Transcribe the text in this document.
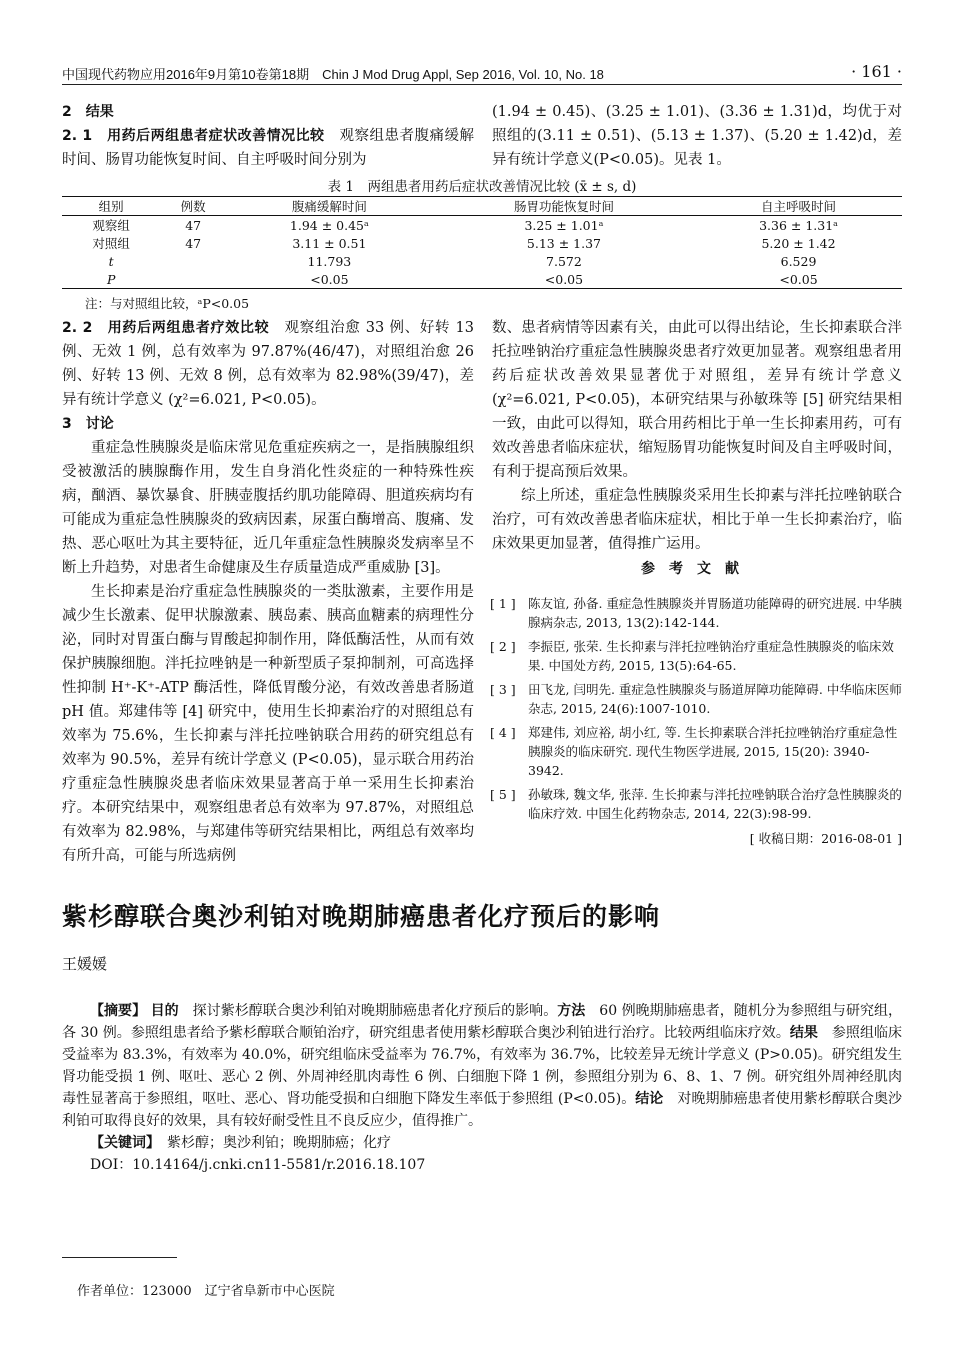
中国现代药物应用2016年9月第10卷第18期　Chin J Mod Drug Appl, Sep 2016, Vol. 10, No. 18	· 161 ·

2　结果

2. 1　用药后两组患者症状改善情况比较　观察组患者腹痛缓解时间、肠胃功能恢复时间、自主呼吸时间分别为

(1.94 ± 0.45)、(3.25 ± 1.01)、(3.36 ± 1.31)d，均优于对照组的(3.11 ± 0.51)、(5.13 ± 1.37)、(5.20 ± 1.42)d，差异有统计学意义(P<0.05)。见表 1。

表 1　两组患者用药后症状改善情况比较 (x̄ ± s, d)
组别	例数	腹痛缓解时间	肠胃功能恢复时间	自主呼吸时间
观察组	47	1.94 ± 0.45ᵃ	3.25 ± 1.01ᵃ	3.36 ± 1.31ᵃ
对照组	47	3.11 ± 0.51	5.13 ± 1.37	5.20 ± 1.42
t		11.793	7.572	6.529
P		<0.05	<0.05	<0.05
注：与对照组比较，ᵃP<0.05

2. 2　用药后两组患者疗效比较　观察组治愈 33 例、好转 13 例、无效 1 例，总有效率为 97.87%(46/47)，对照组治愈 26 例、好转 13 例、无效 8 例，总有效率为 82.98%(39/47)，差异有统计学意义 (χ²=6.021, P<0.05)。

3　讨论

重症急性胰腺炎是临床常见危重症疾病之一，是指胰腺组织受被激活的胰腺酶作用，发生自身消化性炎症的一种特殊性疾病，酗酒、暴饮暴食、肝胰壶腹括约肌功能障碍、胆道疾病均有可能成为重症急性胰腺炎的致病因素，尿蛋白酶增高、腹痛、发热、恶心呕吐为其主要特征，近几年重症急性胰腺炎发病率呈不断上升趋势，对患者生命健康及生存质量造成严重威胁 [3]。

生长抑素是治疗重症急性胰腺炎的一类肽激素，主要作用是减少生长激素、促甲状腺激素、胰岛素、胰高血糖素的病理性分泌，同时对胃蛋白酶与胃酸起抑制作用，降低酶活性，从而有效保护胰腺细胞。泮托拉唑钠是一种新型质子泵抑制剂，可高选择性抑制 H⁺-K⁺-ATP 酶活性，降低胃酸分泌，有效改善患者肠道 pH 值。郑建伟等 [4] 研究中，使用生长抑素治疗的对照组总有效率为 75.6%，生长抑素与泮托拉唑钠联合用药的研究组总有效率为 90.5%，差异有统计学意义 (P<0.05)，显示联合用药治疗重症急性胰腺炎患者临床效果显著高于单一采用生长抑素治疗。本研究结果中，观察组患者总有效率为 97.87%，对照组总有效率为 82.98%，与郑建伟等研究结果相比，两组总有效率均有所升高，可能与所选病例

数、患者病情等因素有关，由此可以得出结论，生长抑素联合泮托拉唑钠治疗重症急性胰腺炎患者疗效更加显著。观察组患者用药后症状改善效果显著优于对照组，差异有统计学意义 (χ²=6.021, P<0.05)，本研究结果与孙敏珠等 [5] 研究结果相一致，由此可以得知，联合用药相比于单一生长抑素用药，可有效改善患者临床症状，缩短肠胃功能恢复时间及自主呼吸时间，有利于提高预后效果。

综上所述，重症急性胰腺炎采用生长抑素与泮托拉唑钠联合治疗，可有效改善患者临床症状，相比于单一生长抑素治疗，临床效果更加显著，值得推广运用。

参考文献
[ 1 ] 陈友谊, 孙备. 重症急性胰腺炎并胃肠道功能障碍的研究进展. 中华胰腺病杂志, 2013, 13(2):142-144.
[ 2 ] 李振臣, 张荣. 生长抑素与泮托拉唑钠治疗重症急性胰腺炎的临床效果. 中国处方药, 2015, 13(5):64-65.
[ 3 ] 田飞龙, 闫明先. 重症急性胰腺炎与肠道屏障功能障碍. 中华临床医师杂志, 2015, 24(6):1007-1010.
[ 4 ] 郑建伟, 刘应裕, 胡小红, 等. 生长抑素联合泮托拉唑钠治疗重症急性胰腺炎的临床研究. 现代生物医学进展, 2015, 15(20): 3940-3942.
[ 5 ] 孙敏珠, 魏文华, 张萍. 生长抑素与泮托拉唑钠联合治疗急性胰腺炎的临床疗效. 中国生化药物杂志, 2014, 22(3):98-99.
[ 收稿日期：2016-08-01 ]
紫杉醇联合奥沙利铂对晚期肺癌患者化疗预后的影响
王媛媛

【摘要】 目的　探讨紫杉醇联合奥沙利铂对晚期肺癌患者化疗预后的影响。方法　60 例晚期肺癌患者，随机分为参照组与研究组，各 30 例。参照组患者给予紫杉醇联合顺铂治疗，研究组患者使用紫杉醇联合奥沙利铂进行治疗。比较两组临床疗效。结果　参照组临床受益率为 83.3%，有效率为 40.0%，研究组临床受益率为 76.7%，有效率为 36.7%，比较差异无统计学意义 (P>0.05)。研究组发生肾功能受损 1 例、呕吐、恶心 2 例、外周神经肌肉毒性 6 例、白细胞下降 1 例，参照组分别为 6、8、1、7 例。研究组外周神经肌肉毒性显著高于参照组，呕吐、恶心、肾功能受损和白细胞下降发生率低于参照组 (P<0.05)。结论　对晚期肺癌患者使用紫杉醇联合奥沙利铂可取得良好的效果，具有较好耐受性且不良反应少，值得推广。

【关键词】　紫杉醇；奥沙利铂；晚期肺癌；化疗

DOI：10.14164/j.cnki.cn11-5581/r.2016.18.107

作者单位：123000　辽宁省阜新市中心医院
